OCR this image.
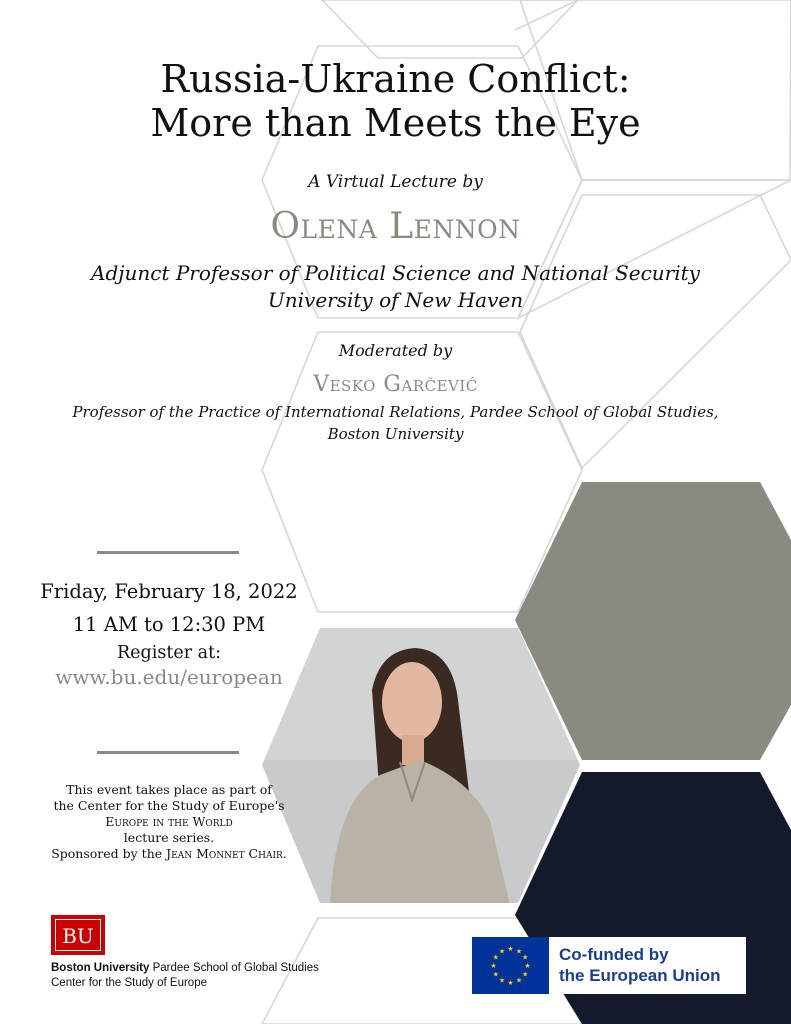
Russia-Ukraine Conflict:
More than Meets the Eye
A Virtual Lecture by
Olena Lennon
Adjunct Professor of Political Science and National Security
University of New Haven
Moderated by
Vesko Garčević
Professor of the Practice of International Relations, Pardee School of Global Studies,
Boston University
Friday, February 18, 2022
11 AM to 12:30 PM
Register at:
www.bu.edu/european
This event takes place as part of
the Center for the Study of Europe's
Europe in the World
lecture series.
Sponsored by the Jean Monnet Chair.
BU
Boston University Pardee School of Global Studies
Center for the Study of Europe
★ ★
★
★
★
★
★
★
★
★
★
★	Co-funded by
the European Union
